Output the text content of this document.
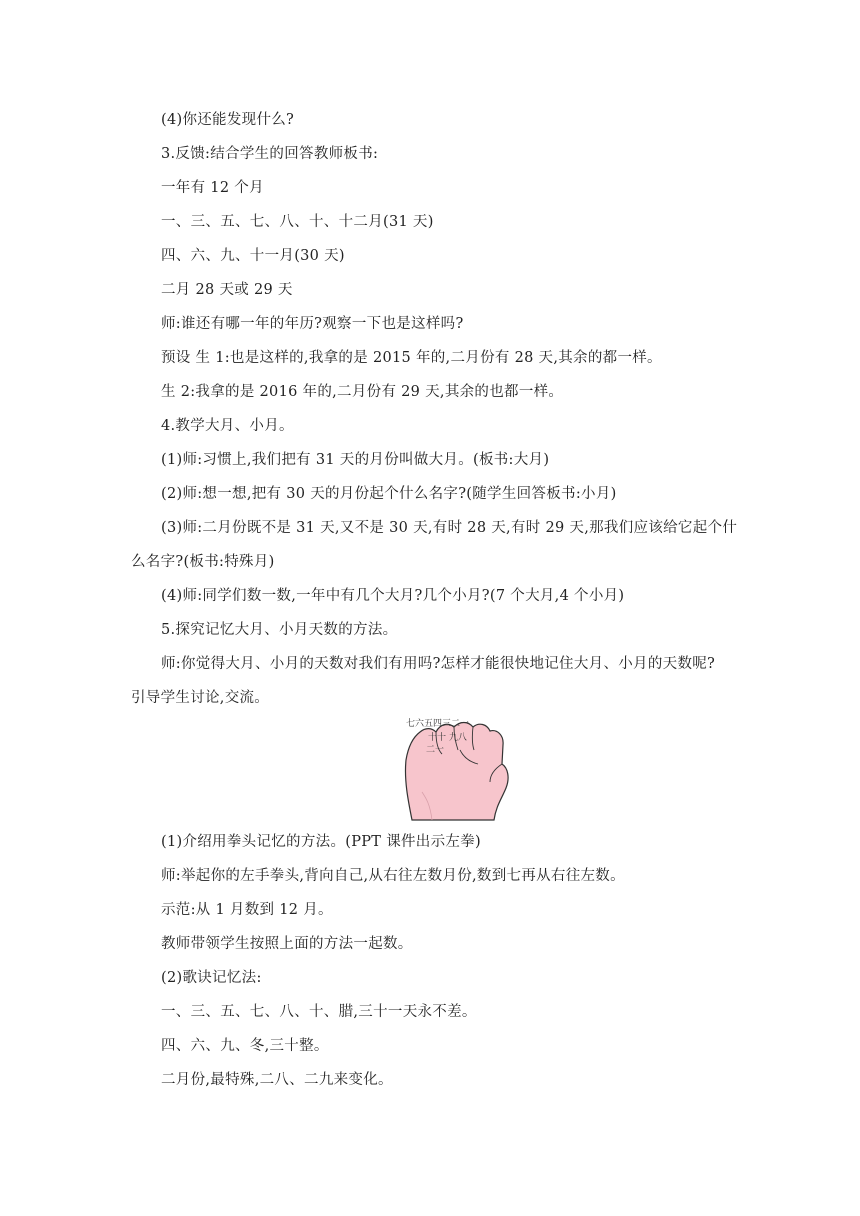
(4)你还能发现什么?
3.反馈:结合学生的回答教师板书:
一年有 12 个月
一、三、五、七、八、十、十二月(31 天)
四、六、九、十一月(30 天)
二月 28 天或 29 天
师:谁还有哪一年的年历?观察一下也是这样吗?
预设 生 1:也是这样的,我拿的是 2015 年的,二月份有 28 天,其余的都一样。
生 2:我拿的是 2016 年的,二月份有 29 天,其余的也都一样。
4.教学大月、小月。
(1)师:习惯上,我们把有 31 天的月份叫做大月。(板书:大月)
(2)师:想一想,把有 30 天的月份起个什么名字?(随学生回答板书:小月)
(3)师:二月份既不是 31 天,又不是 30 天,有时 28 天,有时 29 天,那我们应该给它起个什
么名字?(板书:特殊月)
(4)师:同学们数一数,一年中有几个大月?几个小月?(7 个大月,4 个小月)
5.探究记忆大月、小月天数的方法。
师:你觉得大月、小月的天数对我们有用吗?怎样才能很快地记住大月、小月的天数呢?
引导学生讨论,交流。
七六五四三二一
十十 九八
二一
(1)介绍用拳头记忆的方法。(PPT 课件出示左拳)
师:举起你的左手拳头,背向自己,从右往左数月份,数到七再从右往左数。
示范:从 1 月数到 12 月。
教师带领学生按照上面的方法一起数。
(2)歌诀记忆法:
一、三、五、七、八、十、腊,三十一天永不差。
四、六、九、冬,三十整。
二月份,最特殊,二八、二九来变化。
